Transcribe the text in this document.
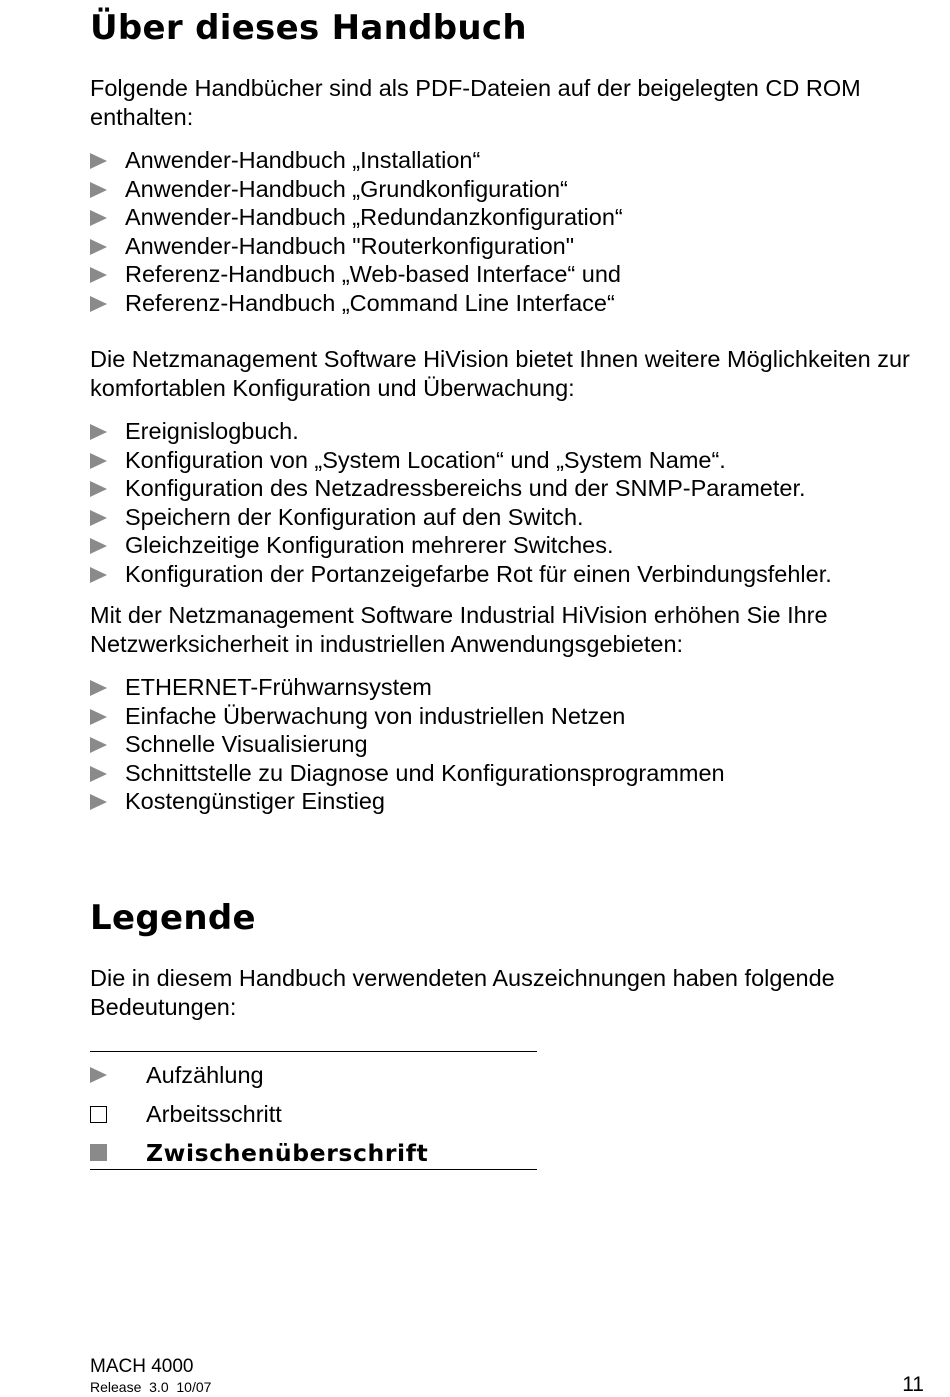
Über dieses Handbuch

Folgende Handbücher sind als PDF-Dateien auf der beigelegten CD ROM enthalten:

Anwender-Handbuch „Installation“
Anwender-Handbuch „Grundkonfiguration“
Anwender-Handbuch „Redundanzkonfiguration“
Anwender-Handbuch "Routerkonfiguration"
Referenz-Handbuch „Web-based Interface“ und
Referenz-Handbuch „Command Line Interface“

Die Netzmanagement Software HiVision bietet Ihnen weitere Möglichkeiten zur komfortablen Konfiguration und Überwachung:

Ereignislogbuch.
Konfiguration von „System Location“ und „System Name“.
Konfiguration des Netzadressbereichs und der SNMP-Parameter.
Speichern der Konfiguration auf den Switch.
Gleichzeitige Konfiguration mehrerer Switches.
Konfiguration der Portanzeigefarbe Rot für einen Verbindungsfehler.

Mit der Netzmanagement Software Industrial HiVision erhöhen Sie Ihre Netzwerksicherheit in industriellen Anwendungsgebieten:

ETHERNET-Frühwarnsystem
Einfache Überwachung von industriellen Netzen
Schnelle Visualisierung
Schnittstelle zu Diagnose und Konfigurationsprogrammen
Kostengünstiger Einstieg
Legende

Die in diesem Handbuch verwendeten Auszeichnungen haben folgende Bedeutungen:

Aufzählung
Arbeitsschritt
Zwischenüberschrift
MACH 4000
Release  3.0  10/07	11
